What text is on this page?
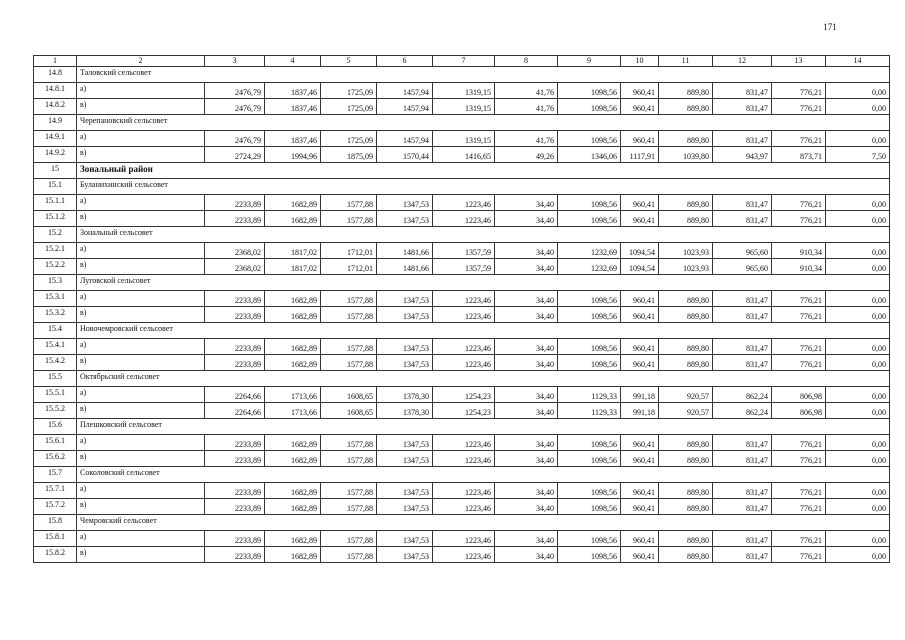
171
1	2	3	4	5	6	7	8	9	10	11	12	13	14
14.8	Таловский сельсовет												
14.8.1	а)	2476,79	1837,46	1725,09	1457,94	1319,15	41,76	1098,56	960,41	889,80	831,47	776,21	0,00
14.8.2	в)	2476,79	1837,46	1725,09	1457,94	1319,15	41,76	1098,56	960,41	889,80	831,47	776,21	0,00
14.9	Черепановский сельсовет												
14.9.1	а)	2476,79	1837,46	1725,09	1457,94	1319,15	41,76	1098,56	960,41	889,80	831,47	776,21	0,00
14.9.2	в)	2724,29	1994,96	1875,09	1570,44	1416,65	49,26	1346,06	1117,91	1039,80	943,97	873,71	7,50
15	Зональный район												
15.1	Буланихинский сельсовет												
15.1.1	а)	2233,89	1682,89	1577,88	1347,53	1223,46	34,40	1098,56	960,41	889,80	831,47	776,21	0,00
15.1.2	в)	2233,89	1682,89	1577,88	1347,53	1223,46	34,40	1098,56	960,41	889,80	831,47	776,21	0,00
15.2	Зональный сельсовет												
15.2.1	а)	2368,02	1817,02	1712,01	1481,66	1357,59	34,40	1232,69	1094,54	1023,93	965,60	910,34	0,00
15.2.2	в)	2368,02	1817,02	1712,01	1481,66	1357,59	34,40	1232,69	1094,54	1023,93	965,60	910,34	0,00
15.3	Луговской сельсовет												
15.3.1	а)	2233,89	1682,89	1577,88	1347,53	1223,46	34,40	1098,56	960,41	889,80	831,47	776,21	0,00
15.3.2	в)	2233,89	1682,89	1577,88	1347,53	1223,46	34,40	1098,56	960,41	889,80	831,47	776,21	0,00
15.4	Новочемровский сельсовет												
15.4.1	а)	2233,89	1682,89	1577,88	1347,53	1223,46	34,40	1098,56	960,41	889,80	831,47	776,21	0,00
15.4.2	в)	2233,89	1682,89	1577,88	1347,53	1223,46	34,40	1098,56	960,41	889,80	831,47	776,21	0,00
15.5	Октябрьский сельсовет												
15.5.1	а)	2264,66	1713,66	1608,65	1378,30	1254,23	34,40	1129,33	991,18	920,57	862,24	806,98	0,00
15.5.2	в)	2264,66	1713,66	1608,65	1378,30	1254,23	34,40	1129,33	991,18	920,57	862,24	806,98	0,00
15.6	Плешковский сельсовет												
15.6.1	а)	2233,89	1682,89	1577,88	1347,53	1223,46	34,40	1098,56	960,41	889,80	831,47	776,21	0,00
15.6.2	в)	2233,89	1682,89	1577,88	1347,53	1223,46	34,40	1098,56	960,41	889,80	831,47	776,21	0,00
15.7	Соколовский сельсовет												
15.7.1	а)	2233,89	1682,89	1577,88	1347,53	1223,46	34,40	1098,56	960,41	889,80	831,47	776,21	0,00
15.7.2	в)	2233,89	1682,89	1577,88	1347,53	1223,46	34,40	1098,56	960,41	889,80	831,47	776,21	0,00
15.8	Чемровский сельсовет												
15.8.1	а)	2233,89	1682,89	1577,88	1347,53	1223,46	34,40	1098,56	960,41	889,80	831,47	776,21	0,00
15.8.2	в)	2233,89	1682,89	1577,88	1347,53	1223,46	34,40	1098,56	960,41	889,80	831,47	776,21	0,00
